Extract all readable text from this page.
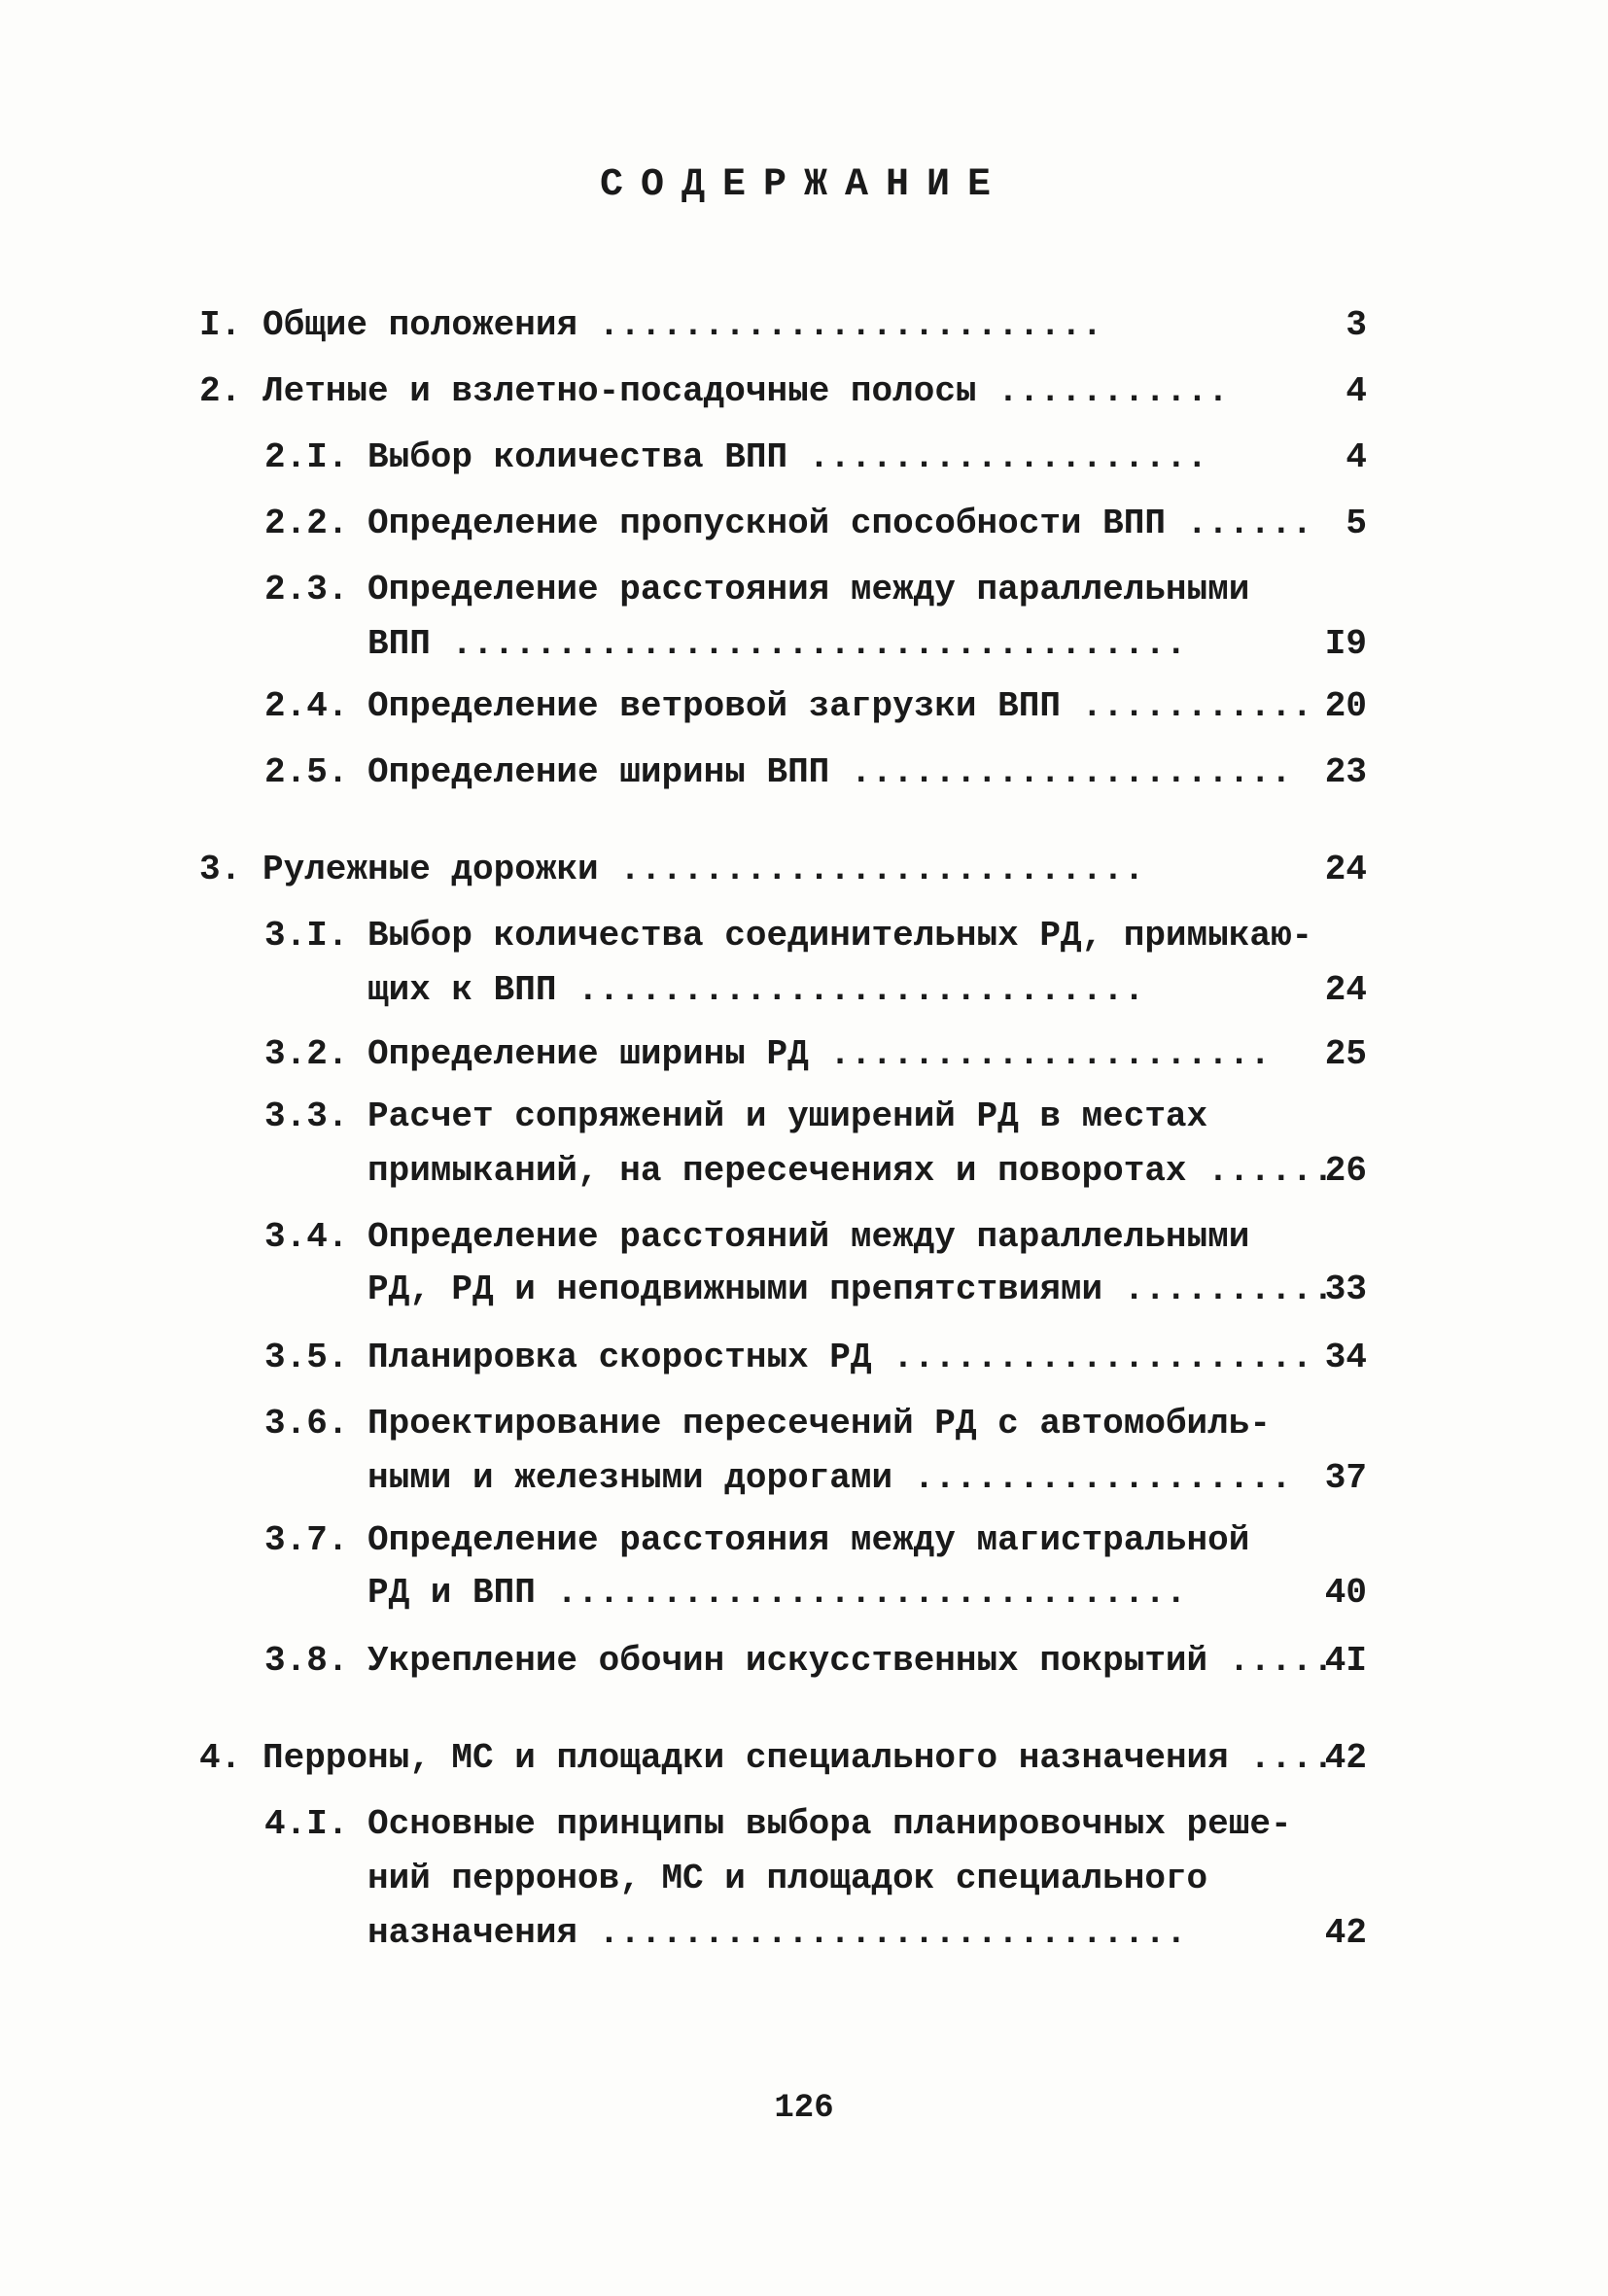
СОДЕРЖАНИЕ
3
I. Общие положения ........................
4
2. Летные и взлетно-посадочные полосы ...........
4
2.I. Выбор количества ВПП ...................
5
2.2. Определение пропускной способности ВПП ......
2.3. Определение расстояния между параллельными
I9
ВПП ...................................
20
2.4. Определение ветровой загрузки ВПП ...........
23
2.5. Определение ширины ВПП .....................
24
3. Рулежные дорожки .........................
3.I. Выбор количества соединительных РД, примыкаю-
24
щих к ВПП ...........................
25
3.2. Определение ширины РД .....................
3.3. Расчет сопряжений и уширений РД в местах
26
примыканий, на пересечениях и поворотах ......
3.4. Определение расстояний между параллельными
33
РД, РД и неподвижными препятствиями ..........
34
3.5. Планировка скоростных РД ....................
3.6. Проектирование пересечений РД с автомобиль-
37
ными и железными дорогами ..................
3.7. Определение расстояния между магистральной
40
РД и ВПП ..............................
4I
3.8. Укрепление обочин искусственных покрытий .....
42
4. Перроны, МС и площадки специального назначения ....
4.I. Основные принципы выбора планировочных реше-
ний перронов, МС и площадок специального
42
назначения ............................
126
